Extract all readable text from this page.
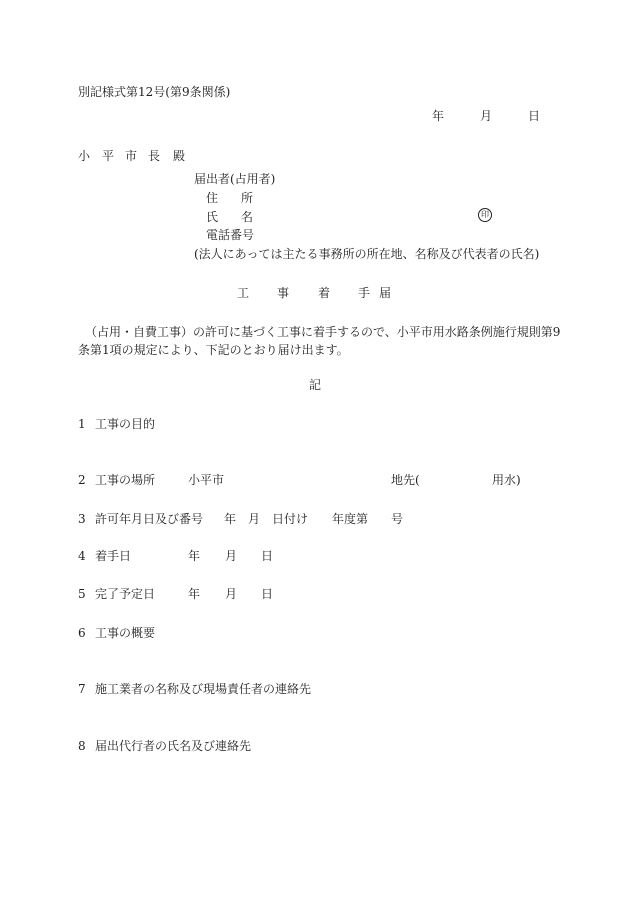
別記様式第12号(第9条関係)
年	月	日
小 平 市 長 殿
届出者(占用者)
住 所
氏 名	印
電話番号
(法人にあっては主たる事務所の所在地、名称及び代表者の氏名)
工 事 着 手 届
（占用・自費工事）の許可に基づく工事に着手するので、小平市用水路条例施行規則第9
条第1項の規定により、下記のとおり届け出ます。
記
1 工事の目的
2 工事の場所	小平市	地先(	用水)
3 許可年月日及び番号 年 月 日付け 年度第 号
4 着手日	年 月 日
5 完了予定日	年 月 日
6 工事の概要
7 施工業者の名称及び現場責任者の連絡先
8 届出代行者の氏名及び連絡先
